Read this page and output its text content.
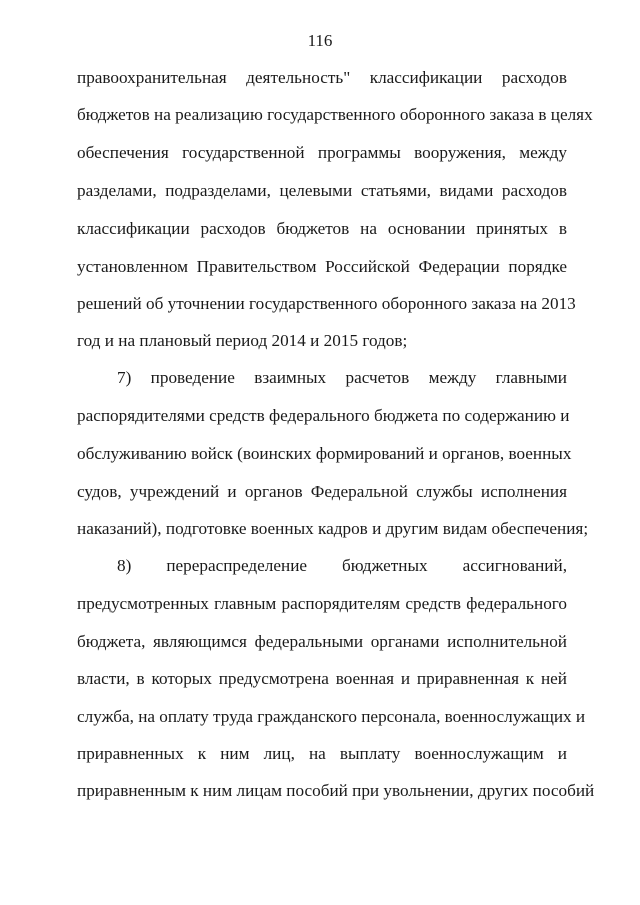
116
правоохранительная деятельность" классификации расходов
бюджетов на реализацию государственного оборонного заказа в целях
обеспечения государственной программы вооружения, между
разделами, подразделами, целевыми статьями, видами расходов
классификации расходов бюджетов на основании принятых в
установленном Правительством Российской Федерации порядке
решений об уточнении государственного оборонного заказа на 2013
год и на плановый период 2014 и 2015 годов;
7) проведение взаимных расчетов между главными
распорядителями средств федерального бюджета по содержанию и
обслуживанию войск (воинских формирований и органов, военных
судов, учреждений и органов Федеральной службы исполнения
наказаний), подготовке военных кадров и другим видам обеспечения;
8) перераспределение бюджетных ассигнований,
предусмотренных главным распорядителям средств федерального
бюджета, являющимся федеральными органами исполнительной
власти, в которых предусмотрена военная и приравненная к ней
служба, на оплату труда гражданского персонала, военнослужащих и
приравненных к ним лиц, на выплату военнослужащим и
приравненным к ним лицам пособий при увольнении, других пособий
